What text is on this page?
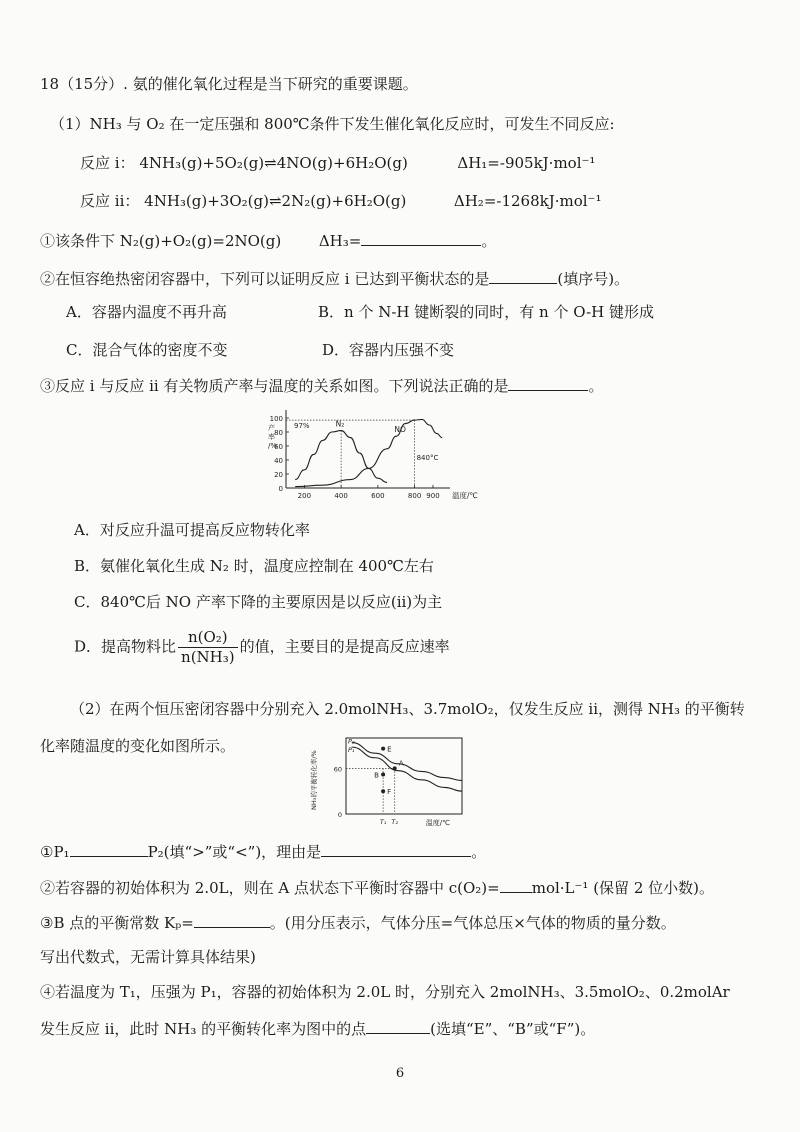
18（15分）. 氨的催化氧化过程是当下研究的重要课题。
（1）NH₃ 与 O₂ 在一定压强和 800℃条件下发生催化氧化反应时，可发生不同反应:
反应 i： 4NH₃(g)+5O₂(g)⇌4NO(g)+6H₂O(g)	ΔH₁=-905kJ·mol⁻¹
反应 ii： 4NH₃(g)+3O₂(g)⇌2N₂(g)+6H₂O(g)	ΔH₂=-1268kJ·mol⁻¹
①该条件下 N₂(g)+O₂(g)=2NO(g)	ΔH₃=	。
②在恒容绝热密闭容器中，下列可以证明反应 i 已达到平衡状态的是	(填序号)。
A．容器内温度不再升高	B．n 个 N-H 键断裂的同时，有 n 个 O-H 键形成
C．混合气体的密度不变	D．容器内压强不变
③反应 i 与反应 ii 有关物质产率与温度的关系如图。下列说法正确的是	。
0
20
40
60
80
100
200	400	600	800 900 温度/℃
产率/%
N₂
NO
97%
840°C
A．对反应升温可提高反应物转化率
B．氨催化氧化生成 N₂ 时，温度应控制在 400℃左右
C．840℃后 NO 产率下降的主要原因是以反应(ii)为主
D．提高物料比 $\frac{\text{n(O₂)}}{\text{n(NH₃)}}$ 的值，主要目的是提高反应速率
（2）在两个恒压密闭容器中分别充入 2.0molNH₃、3.7molO₂，仅发生反应 ii，测得 NH₃ 的平衡转
化率随温度的变化如图所示。
NH₃的平衡转化率/% 60
0
T₁ T₂	温度/℃
P₂
P₁	E
A
B
F
①P₁	P₂(填“>”或“<”)，理由是	。
②若容器的初始体积为 2.0L，则在 A 点状态下平衡时容器中 c(O₂)= mol·L⁻¹ (保留 2 位小数)。
③B 点的平衡常数 Kₚ=	。(用分压表示，气体分压=气体总压×气体的物质的量分数。
写出代数式，无需计算具体结果)
④若温度为 T₁，压强为 P₁，容器的初始体积为 2.0L 时，分别充入 2molNH₃、3.5molO₂、0.2molAr
发生反应 ii，此时 NH₃ 的平衡转化率为图中的点	(选填“E”、“B”或“F”)。
6
